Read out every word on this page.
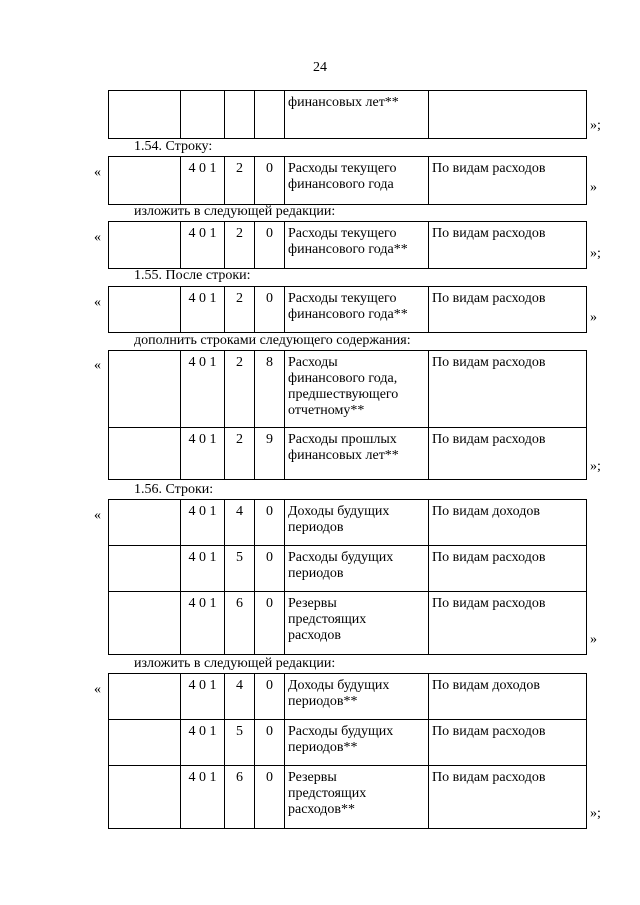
24

финансовых лет**

»;
1.54. Строку:
«
		4 0 1	2	0	Расходы текущего
финансового года
	По видам расходов
»
изложить в следующей редакции:
«
		4 0 1	2	0	Расходы текущего
финансового года**
	По видам расходов
»;
1.55. После строки:
«
		4 0 1	2	0	Расходы текущего
финансового года**
	По видам расходов
»
дополнить строками следующего содержания:
«
		4 0 1	2	8	Расходы
финансового года,
предшествующего
отчетному**	По видам расходов
	4 0 1	2	9	Расходы прошлых
финансовых лет**	По видам расходов
»;
1.56. Строки:
«
		4 0 1	4	0	Доходы будущих
периодов	По видам доходов
	4 0 1	5	0	Расходы будущих
периодов	По видам расходов
	4 0 1	6	0	Резервы
предстоящих
расходов	По видам расходов
»
изложить в следующей редакции:
«
		4 0 1	4	0	Доходы будущих
периодов**	По видам доходов
	4 0 1	5	0	Расходы будущих
периодов**	По видам расходов
	4 0 1	6	0	Резервы
предстоящих
расходов**	По видам расходов
»;
